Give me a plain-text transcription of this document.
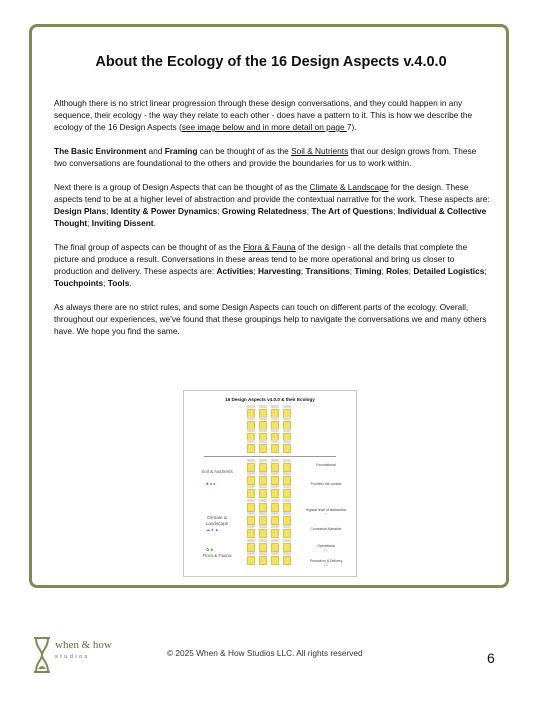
About the Ecology of the 16 Design Aspects v.4.0.0

Although there is no strict linear progression through these design conversations, and they could happen in any sequence, their ecology - the way they relate to each other - does have a pattern to it. This is how we describe the ecology of the 16 Design Aspects (see image below and in more detail on page 7).

The Basic Environment and Framing can be thought of as the Soil & Nutrients that our design grows from. These two conversations are foundational to the others and provide the boundaries for us to work within.

Next there is a group of Design Aspects that can be thought of as the Climate & Landscape for the design. These aspects tend to be at a higher level of abstraction and provide the contextual narrative for the work. These aspects are: Design Plans; Identity & Power Dynamics; Growing Relatedness; The Art of Questions; Individual & Collective Thought; Inviting Dissent.

The final group of aspects can be thought of as the Flora & Fauna of the design - all the details that complete the picture and produce a result. Conversations in these areas tend to be more operational and bring us closer to production and delivery. These aspects are: Activities; Harvesting; Transitions; Timing; Roles; Detailed Logistics; Touchpoints; Tools.

As always there are no strict rules, and some Design Aspects can touch on different parts of the ecology. Overall, throughout our experiences, we've found that these groupings help to navigate the conversations we and many others have. We hope you find the same.

16 Design Aspects v4.0.0 & their Ecology
Soil & Nutrients
♣ ● ♠
Climate & Landscape
☁ ● ▲
Flora & Fauna
✿ ♣
Foundational
◦
Provides the context
◦
Highest level of abstraction
•
Contextual Narrative
◦
Operational
▷
Production & Delivery
☐
when & how
studios	© 2025 When & How Studios LLC. All rights reserved	6
